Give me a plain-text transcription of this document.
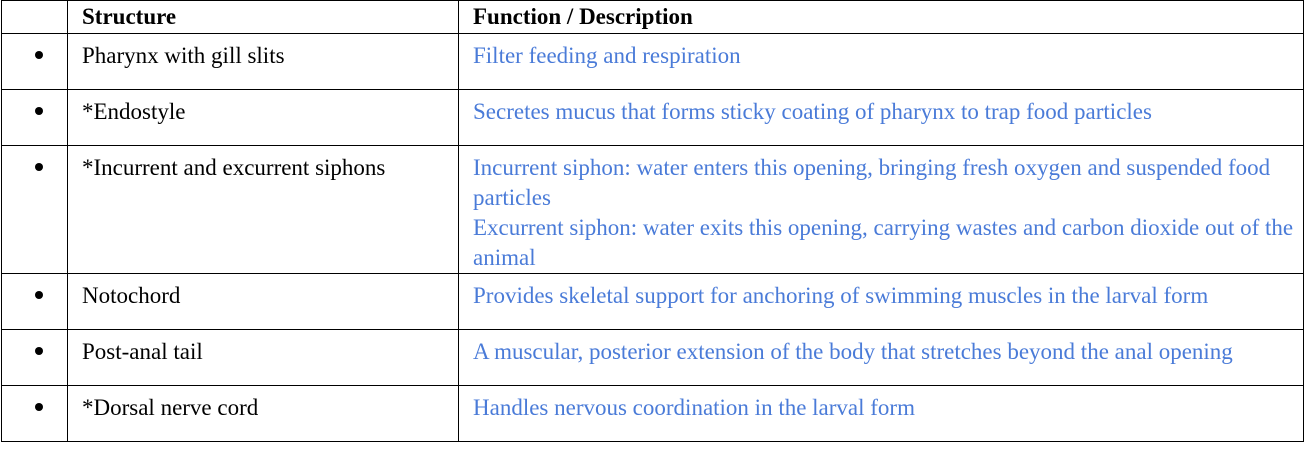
	Structure	Function / Description
	Pharynx with gill slits	Filter feeding and respiration

	*Endostyle	Secretes mucus that forms sticky coating of pharynx to trap food particles

	*Incurrent and excurrent siphons	Incurrent siphon: water enters this opening, bringing fresh oxygen and suspended food particles
Excurrent siphon: water exits this opening, carrying wastes and carbon dioxide out of the animal

	Notochord	Provides skeletal support for anchoring of swimming muscles in the larval form

	Post-anal tail	A muscular, posterior extension of the body that stretches beyond the anal opening

	*Dorsal nerve cord	Handles nervous coordination in the larval form
